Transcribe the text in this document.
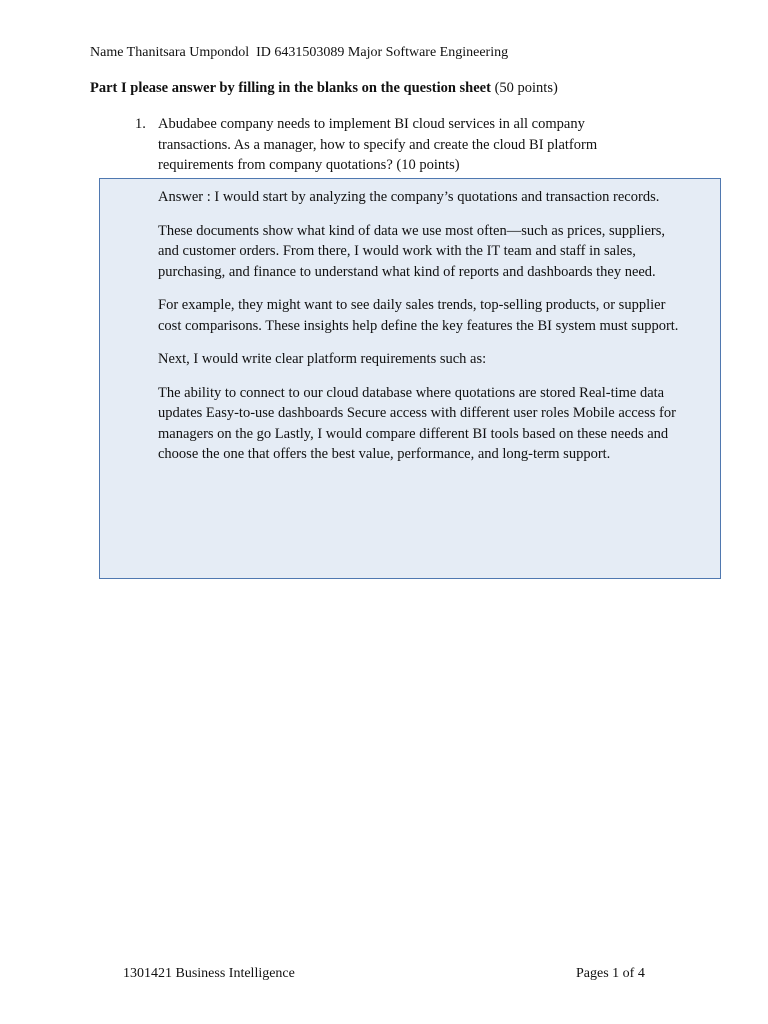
Name Thanitsara Umpondol  ID 6431503089 Major Software Engineering
Part I please answer by filling in the blanks on the question sheet (50 points)
1. Abudabee company needs to implement BI cloud services in all company transactions. As a manager, how to specify and create the cloud BI platform requirements from company quotations? (10 points)

Answer : I would start by analyzing the company’s quotations and transaction records.

These documents show what kind of data we use most often—such as prices, suppliers, and customer orders. From there, I would work with the IT team and staff in sales, purchasing, and finance to understand what kind of reports and dashboards they need.

For example, they might want to see daily sales trends, top-selling products, or supplier cost comparisons. These insights help define the key features the BI system must support.

Next, I would write clear platform requirements such as:

The ability to connect to our cloud database where quotations are stored Real-time data updates Easy-to-use dashboards Secure access with different user roles Mobile access for managers on the go Lastly, I would compare different BI tools based on these needs and choose the one that offers the best value, performance, and long-term support.

1301421 Business Intelligence	Pages 1 of 4
